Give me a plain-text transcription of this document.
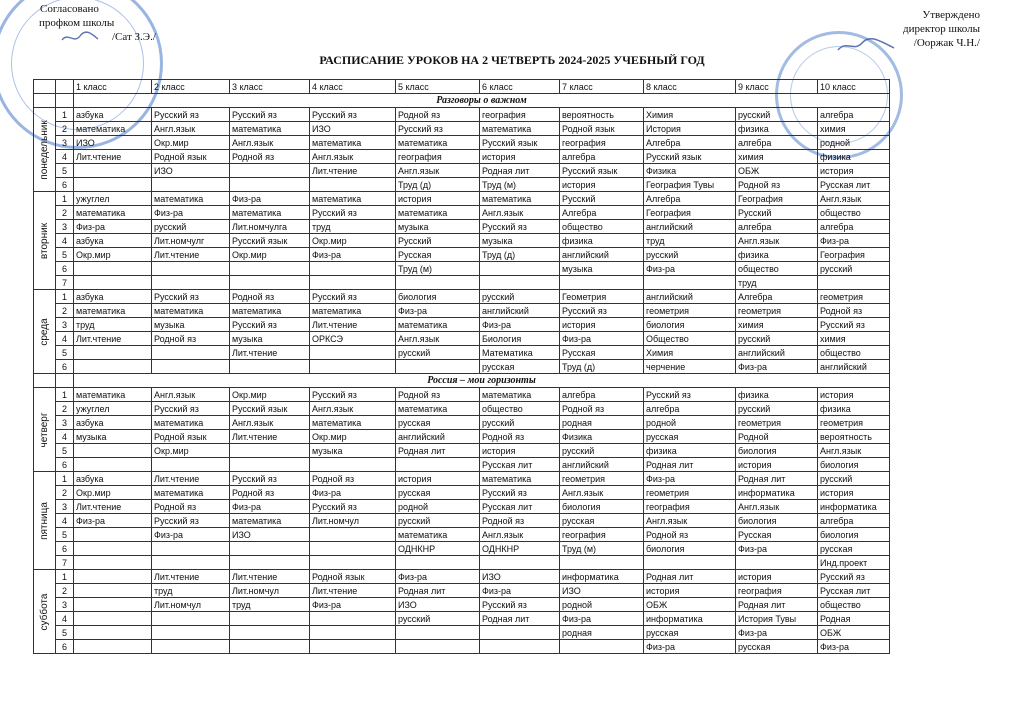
Согласовано
профком школы
/Сат З.Э./
Утверждено
директор школы
/Ооржак Ч.Н./
РАСПИСАНИЕ УРОКОВ НА 2 ЧЕТВЕРТЬ 2024-2025 УЧЕБНЫЙ ГОД
		1 класс	2 класс	3 класс	4 класс	5 класс	6 класс	7 класс	8 класс	9 класс	10 класс
		Разговоры о важном									

понедельник	1	азбука	Русский яз	Русский яз	Русский яз	Родной яз	география	вероятность	Химия	русский	алгебра
	2	математика	Англ.язык	математика	ИЗО	Русский яз	математика	Родной язык	История	физика	химия
	3	ИЗО	Окр.мир	Англ.язык	математика	математика	Русский язык	география	Алгебра	алгебра	родной
	4	Лит.чтение	Родной язык	Родной яз	Англ.язык	география	история	алгебра	Русский язык	химия	физика
	5		ИЗО		Лит.чтение	Англ.язык	Родная лит	Русский язык	Физика	ОБЖ	история
	6					Труд (д)	Труд (м)	история	География Тувы	Родной яз	Русская лит

вторник	1	ужуглел	математика	Физ-ра	математика	история	математика	Русский	Алгебра	География	Англ.язык
	2	математика	Физ-ра	математика	Русский яз	математика	Англ.язык	Алгебра	География	Русский	общество
	3	Физ-ра	русский	Лит.номчулга	труд	музыка	Русский яз	общество	английский	алгебра	алгебра
	4	азбука	Лит.номчулг	Русский язык	Окр.мир	Русский	музыка	физика	труд	Англ.язык	Физ-ра
	5	Окр.мир	Лит.чтение	Окр.мир	Физ-ра	Русская	Труд (д)	английский	русский	физика	География
	6					Труд (м)		музыка	Физ-ра	общество	русский
	7									труд	

среда	1	азбука	Русский яз	Родной яз	Русский яз	биология	русский	Геометрия	английский	Алгебра	геометрия
	2	математика	математика	математика	математика	Физ-ра	английский	Русский яз	геометрия	геометрия	Родной яз
	3	труд	музыка	Русский яз	Лит.чтение	математика	Физ-ра	история	биология	химия	Русский яз
	4	Лит.чтение	Родной яз	музыка	ОРКСЭ	Англ.язык	Биология	Физ-ра	Общество	русский	химия
	5			Лит.чтение		русский	Математика	Русская	Химия	английский	общество
	6						русская	Труд (д)	черчение	Физ-ра	английский
		Россия – мои горизонты									

четверг	1	математика	Англ.язык	Окр.мир	Русский яз	Родной яз	математика	алгебра	Русский яз	физика	история
	2	ужуглел	Русский яз	Русский язык	Англ.язык	математика	общество	Родной яз	алгебра	русский	физика
	3	азбука	математика	Англ.язык	математика	русская	русский	родная	родной	геометрия	геометрия
	4	музыка	Родной язык	Лит.чтение	Окр.мир	английский	Родной яз	Физика	русская	Родной	вероятность
	5		Окр.мир		музыка	Родная лит	история	русский	физика	биология	Англ.язык
	6						Русская лит	английский	Родная лит	история	биология

пятница	1	азбука	Лит.чтение	Русский яз	Родной яз	история	математика	геометрия	Физ-ра	Родная лит	русский
	2	Окр.мир	математика	Родной яз	Физ-ра	русская	Русский яз	Англ.язык	геометрия	информатика	история
	3	Лит.чтение	Родной яз	Физ-ра	Русский яз	родной	Русская лит	биология	география	Англ.язык	информатика
	4	Физ-ра	Русский яз	математика	Лит.номчул	русский	Родной яз	русская	Англ.язык	биология	алгебра
	5		Физ-ра	ИЗО		математика	Англ.язык	география	Родной яз	Русская	биология
	6					ОДНКНР	ОДНКНР	Труд (м)	биология	Физ-ра	русская
	7										Инд.проект

суббота	1		Лит.чтение	Лит.чтение	Родной язык	Физ-ра	ИЗО	информатика	Родная лит	история	Русский яз
	2		труд	Лит.номчул	Лит.чтение	Родная лит	Физ-ра	ИЗО	история	география	Русская лит
	3		Лит.номчул	труд	Физ-ра	ИЗО	Русский яз	родной	ОБЖ	Родная лит	общество
	4					русский	Родная лит	Физ-ра	информатика	История Тувы	Родная
	5							родная	русская	Физ-ра	ОБЖ
	6								Физ-ра	русская	Физ-ра
